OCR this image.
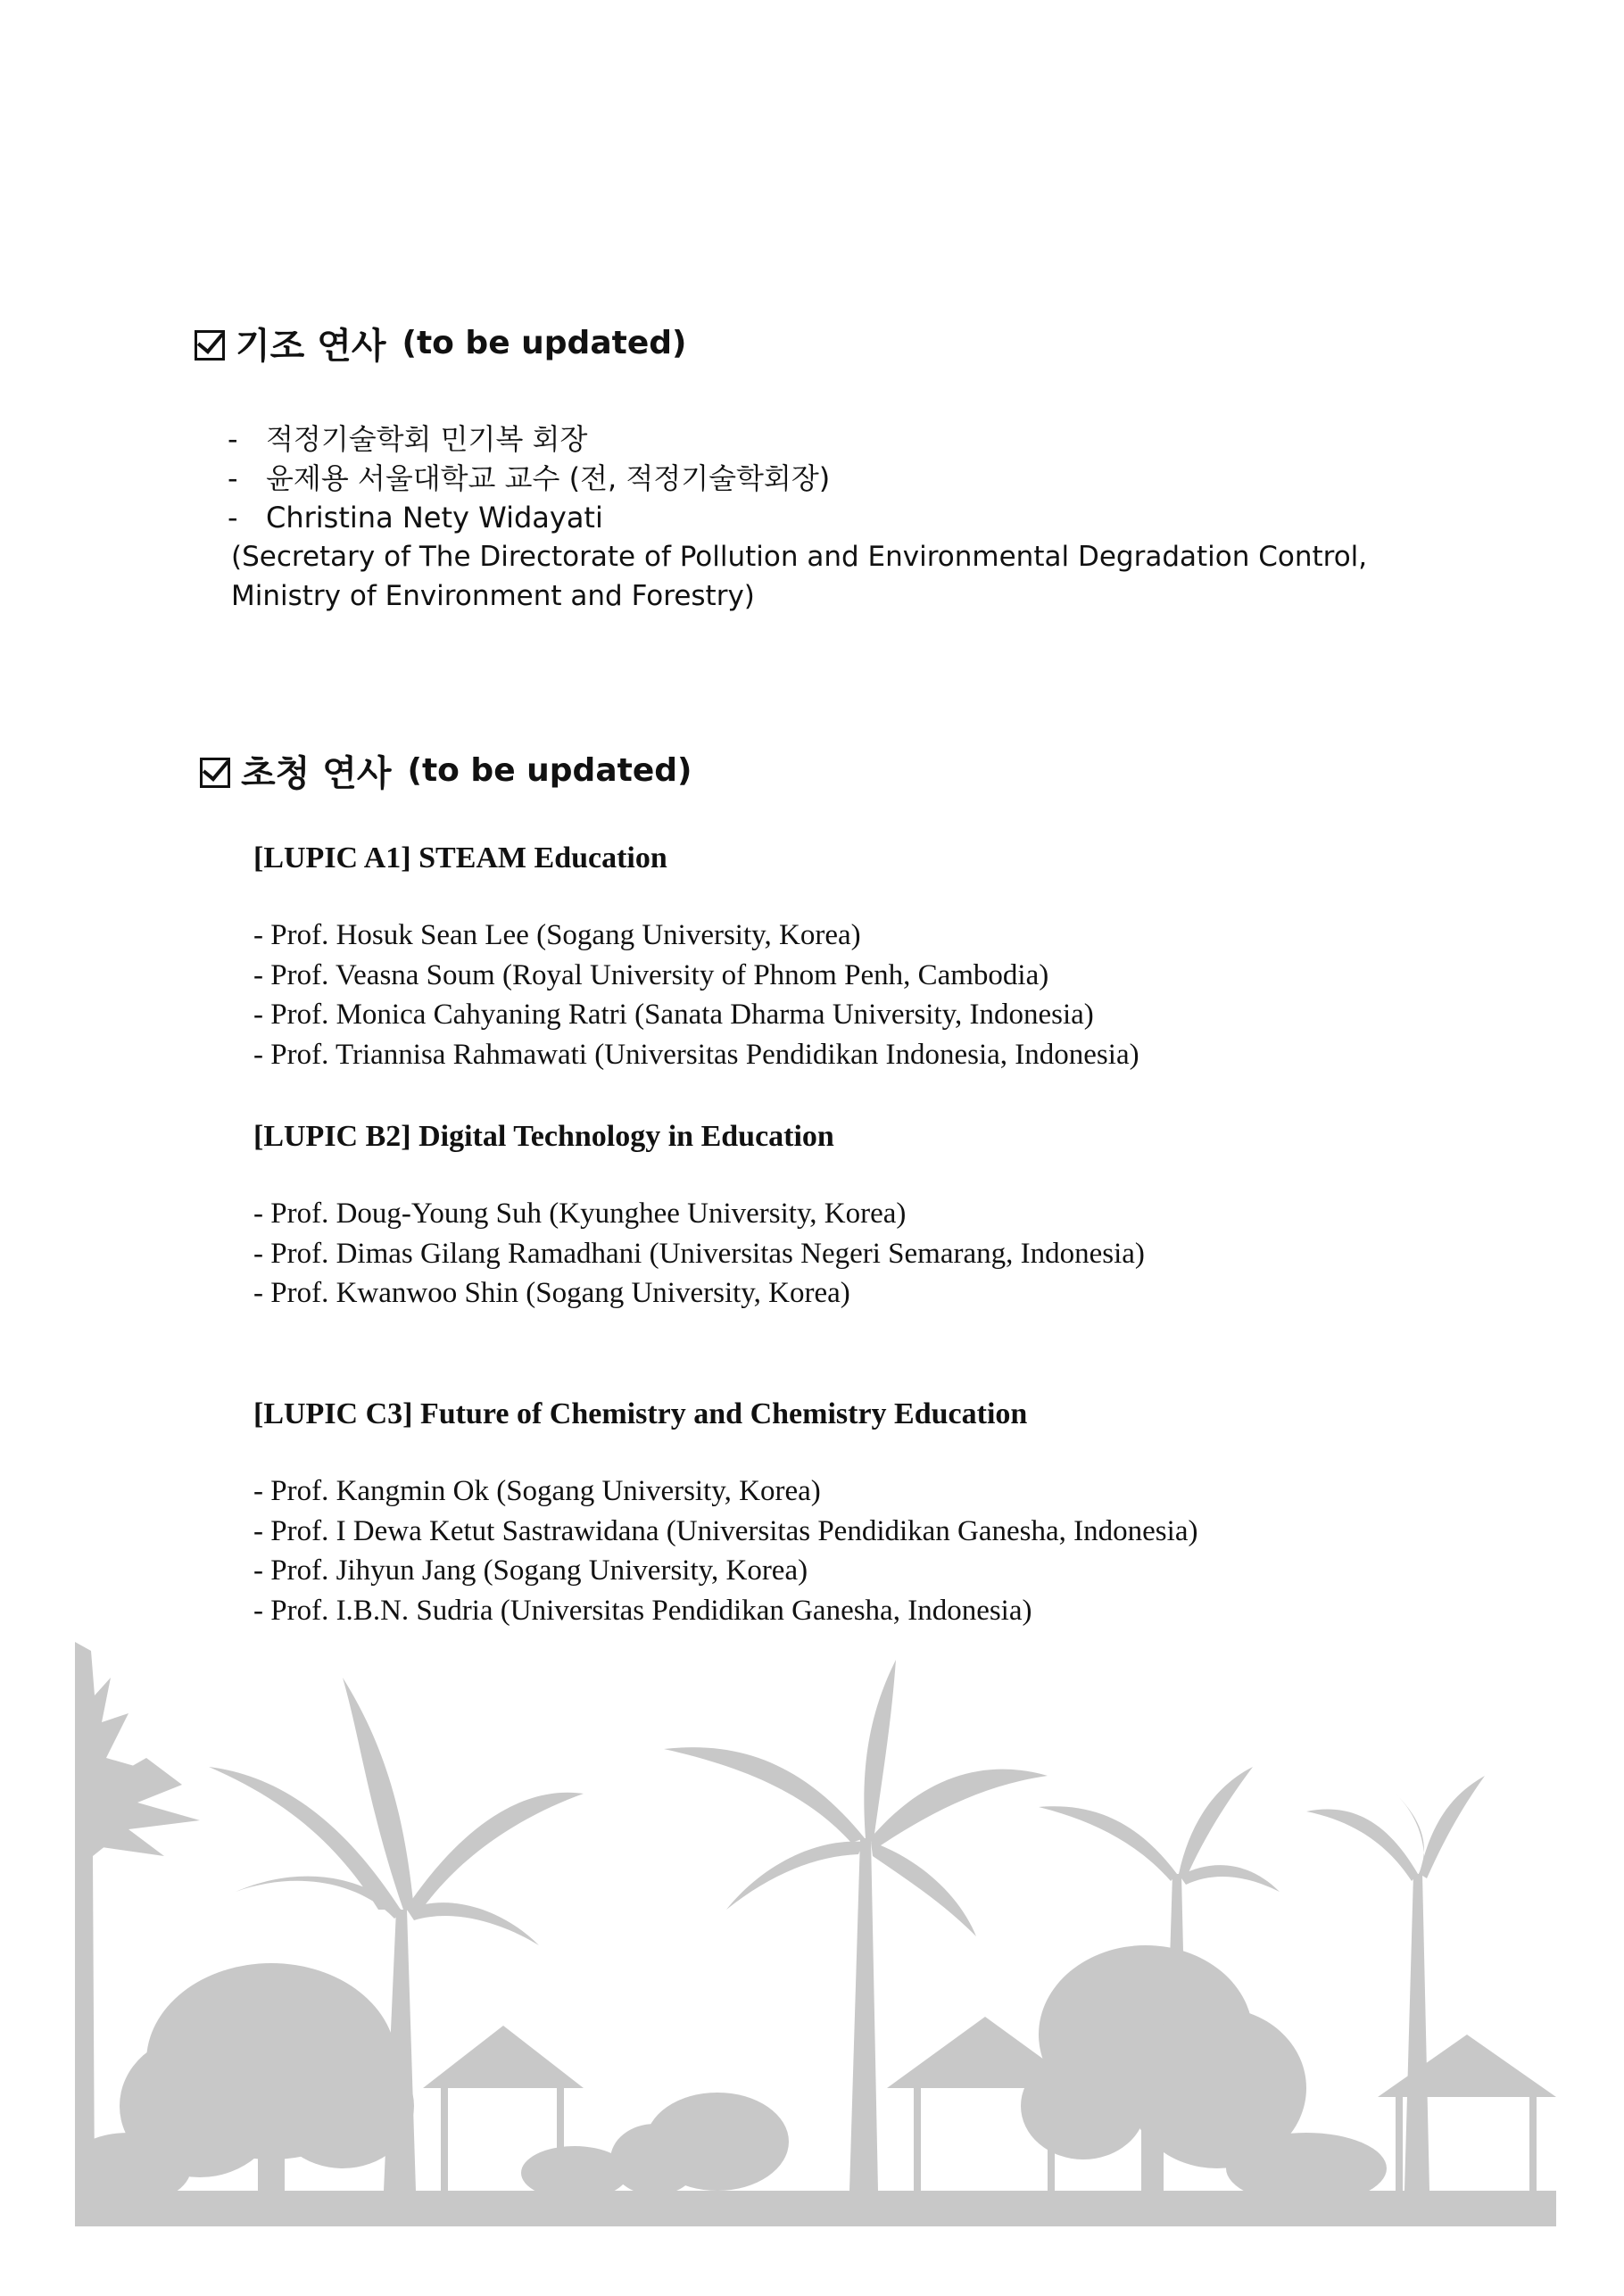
기조 연사 (to be updated)
- 적정기술학회 민기복 회장
- 윤제용 서울대학교 교수 (전, 적정기술학회장)
- Christina Nety Widayati
(Secretary of The Directorate of Pollution and Environmental Degradation Control,
Ministry of Environment and Forestry)
초청 연사 (to be updated)
[LUPIC A1] STEAM Education
- Prof. Hosuk Sean Lee (Sogang University, Korea)
- Prof. Veasna Soum (Royal University of Phnom Penh, Cambodia)
- Prof. Monica Cahyaning Ratri (Sanata Dharma University, Indonesia)
- Prof. Triannisa Rahmawati (Universitas Pendidikan Indonesia, Indonesia)
[LUPIC B2] Digital Technology in Education
- Prof. Doug-Young Suh (Kyunghee University, Korea)
- Prof. Dimas Gilang Ramadhani (Universitas Negeri Semarang, Indonesia)
- Prof. Kwanwoo Shin (Sogang University, Korea)
[LUPIC C3] Future of Chemistry and Chemistry Education
- Prof. Kangmin Ok (Sogang University, Korea)
- Prof. I Dewa Ketut Sastrawidana (Universitas Pendidikan Ganesha, Indonesia)
- Prof. Jihyun Jang (Sogang University, Korea)
- Prof. I.B.N. Sudria (Universitas Pendidikan Ganesha, Indonesia)
